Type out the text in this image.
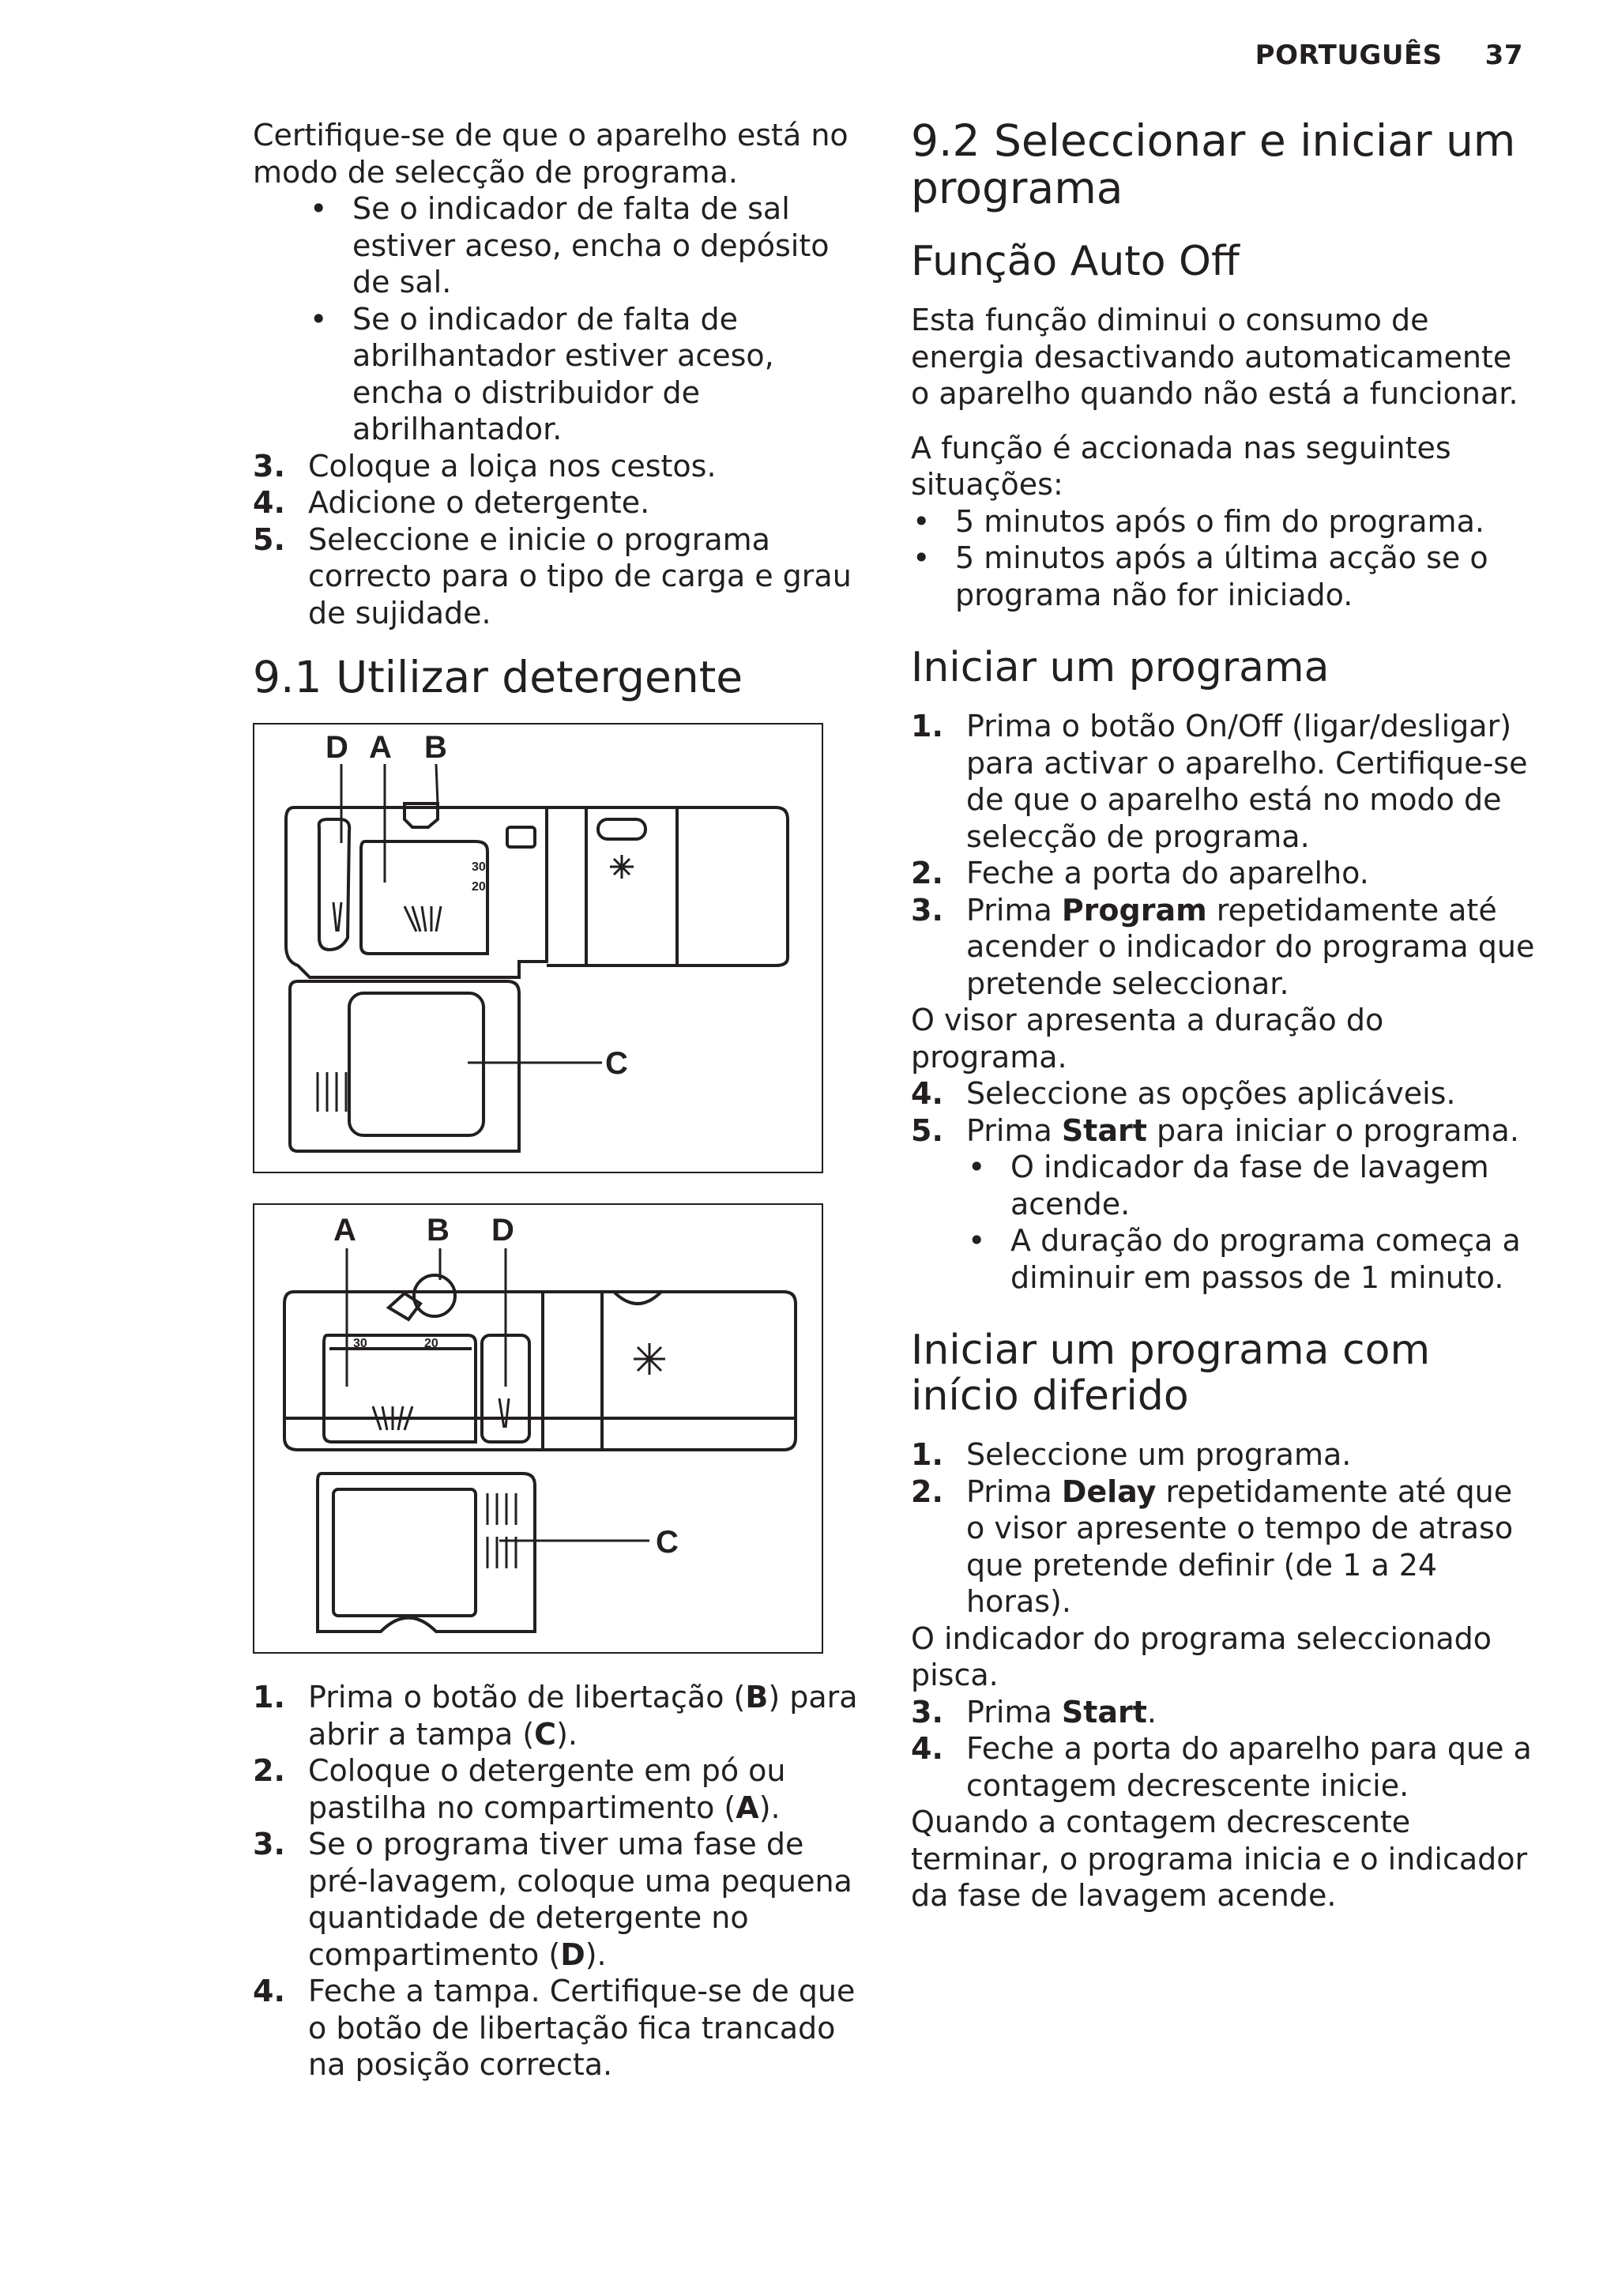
PORTUGUÊS 37

Certifique-se de que o aparelho está no modo de selecção de programa.

• Se o indicador de falta de sal estiver aceso, encha o depósito de sal.
• Se o indicador de falta de abrilhantador estiver aceso, encha o distribuidor de abrilhantador.
3. Coloque a loiça nos cestos.
4. Adicione o detergente.
5. Seleccione e inicie o programa correcto para o tipo de carga e grau de sujidade.
9.1 Utilizar detergente
D A B
C
30
20
A B D
C
30	20
1. Prima o botão de libertação (B) para abrir a tampa (C).
2. Coloque o detergente em pó ou pastilha no compartimento (A).
3. Se o programa tiver uma fase de pré-lavagem, coloque uma pequena quantidade de detergente no compartimento (D).
4. Feche a tampa. Certifique-se de que o botão de libertação fica trancado na posição correcta.
9.2 Seleccionar e iniciar um programa
Função Auto Off

Esta função diminui o consumo de energia desactivando automaticamente o aparelho quando não está a funcionar.

A função é accionada nas seguintes situações:

• 5 minutos após o fim do programa.
• 5 minutos após a última acção se o programa não for iniciado.
Iniciar um programa
1. Prima o botão On/Off (ligar/desligar) para activar o aparelho. Certifique-se de que o aparelho está no modo de selecção de programa.
2. Feche a porta do aparelho.
3. Prima Program repetidamente até acender o indicador do programa que pretende seleccionar.

O visor apresenta a duração do programa.

4. Seleccione as opções aplicáveis.
5. Prima Start para iniciar o programa.
• O indicador da fase de lavagem acende.
• A duração do programa começa a diminuir em passos de 1 minuto.
Iniciar um programa com início diferido
1. Seleccione um programa.
2. Prima Delay repetidamente até que o visor apresente o tempo de atraso que pretende definir (de 1 a 24 horas).

O indicador do programa seleccionado pisca.

3. Prima Start.
4. Feche a porta do aparelho para que a contagem decrescente inicie.

Quando a contagem decrescente terminar, o programa inicia e o indicador da fase de lavagem acende.
